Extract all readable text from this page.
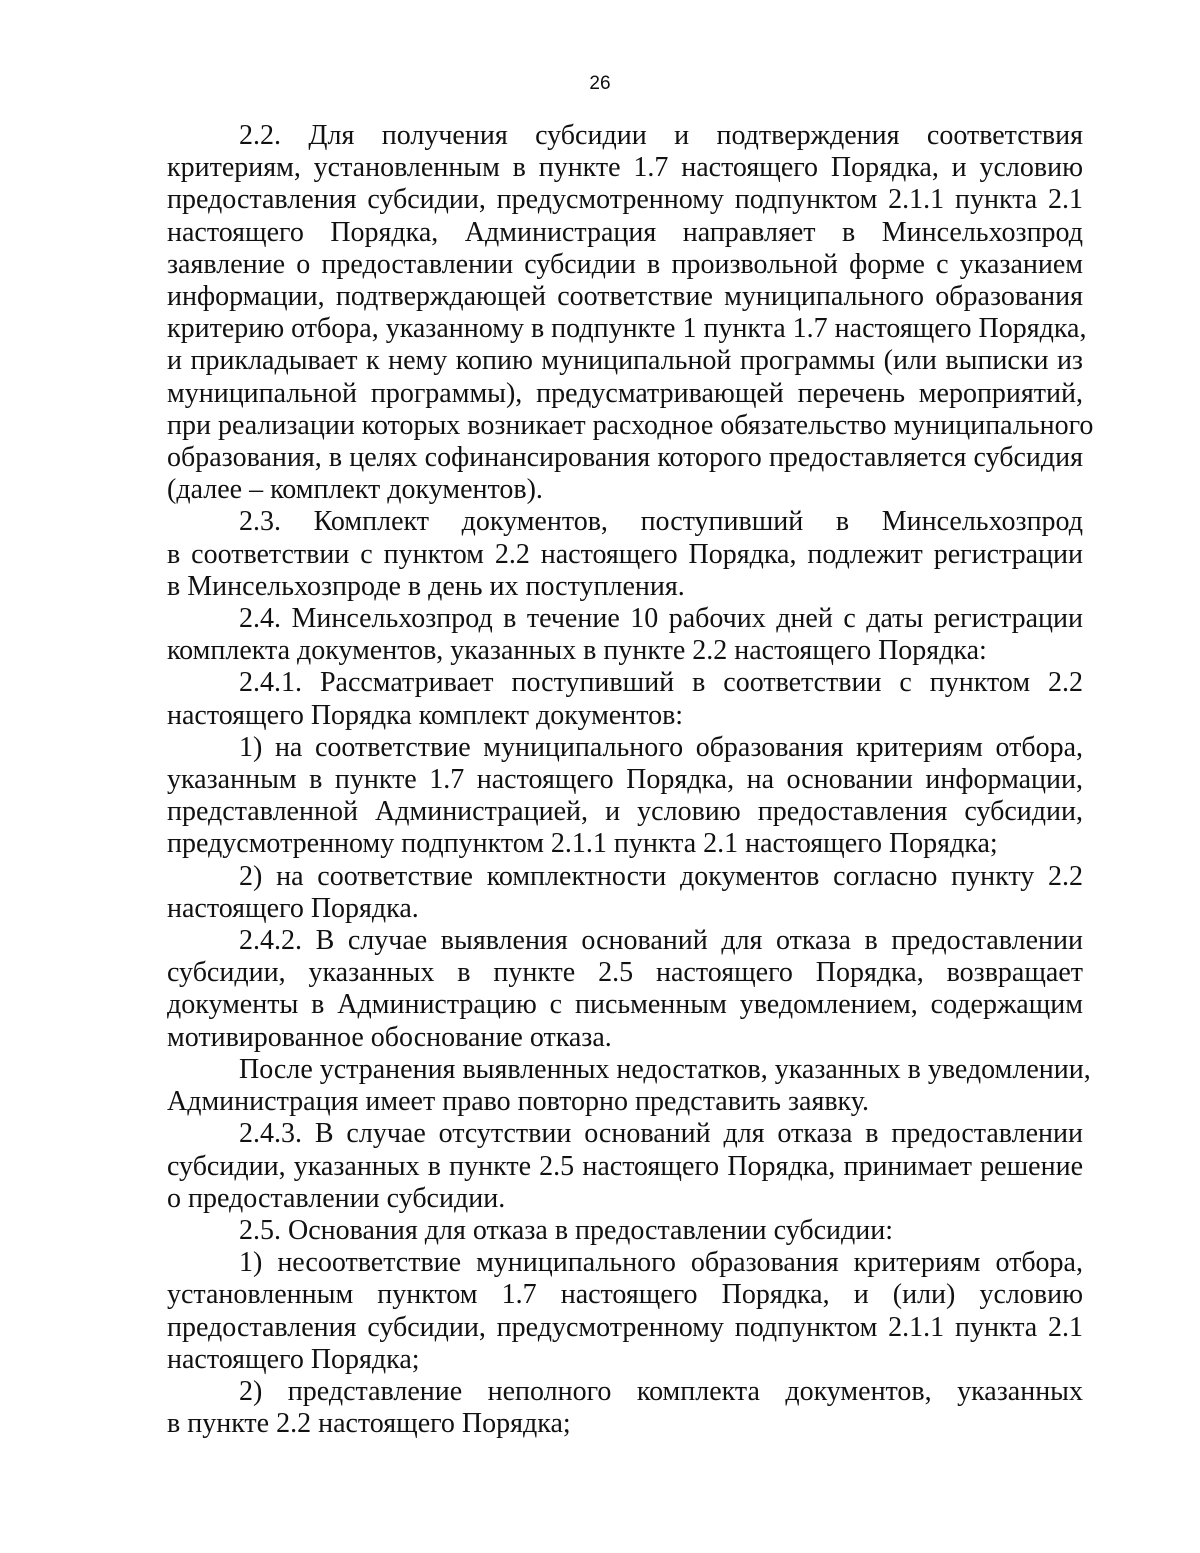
26
2.2. Для получения субсидии и подтверждения соответствия
критериям, установленным в пункте 1.7 настоящего Порядка, и условию
предоставления субсидии, предусмотренному подпунктом 2.1.1 пункта 2.1
настоящего Порядка, Администрация направляет в Минсельхозпрод
заявление о предоставлении субсидии в произвольной форме с указанием
информации, подтверждающей соответствие муниципального образования
критерию отбора, указанному в подпункте 1 пункта 1.7 настоящего Порядка,
и прикладывает к нему копию муниципальной программы (или выписки из
муниципальной программы), предусматривающей перечень мероприятий,
при реализации которых возникает расходное обязательство муниципального
образования, в целях софинансирования которого предоставляется субсидия
(далее – комплект документов).
2.3. Комплект документов, поступивший в Минсельхозпрод
в соответствии с пунктом 2.2 настоящего Порядка, подлежит регистрации
в Минсельхозпроде в день их поступления.
2.4. Минсельхозпрод в течение 10 рабочих дней с даты регистрации
комплекта документов, указанных в пункте 2.2 настоящего Порядка:
2.4.1. Рассматривает поступивший в соответствии с пунктом 2.2
настоящего Порядка комплект документов:
1) на соответствие муниципального образования критериям отбора,
указанным в пункте 1.7 настоящего Порядка, на основании информации,
представленной Администрацией, и условию предоставления субсидии,
предусмотренному подпунктом 2.1.1 пункта 2.1 настоящего Порядка;
2) на соответствие комплектности документов согласно пункту 2.2
настоящего Порядка.
2.4.2. В случае выявления оснований для отказа в предоставлении
субсидии, указанных в пункте 2.5 настоящего Порядка, возвращает
документы в Администрацию с письменным уведомлением, содержащим
мотивированное обоснование отказа.
После устранения выявленных недостатков, указанных в уведомлении,
Администрация имеет право повторно представить заявку.
2.4.3. В случае отсутствии оснований для отказа в предоставлении
субсидии, указанных в пункте 2.5 настоящего Порядка, принимает решение
о предоставлении субсидии.
2.5. Основания для отказа в предоставлении субсидии:
1) несоответствие муниципального образования критериям отбора,
установленным пунктом 1.7 настоящего Порядка, и (или) условию
предоставления субсидии, предусмотренному подпунктом 2.1.1 пункта 2.1
настоящего Порядка;
2) представление неполного комплекта документов, указанных
в пункте 2.2 настоящего Порядка;
